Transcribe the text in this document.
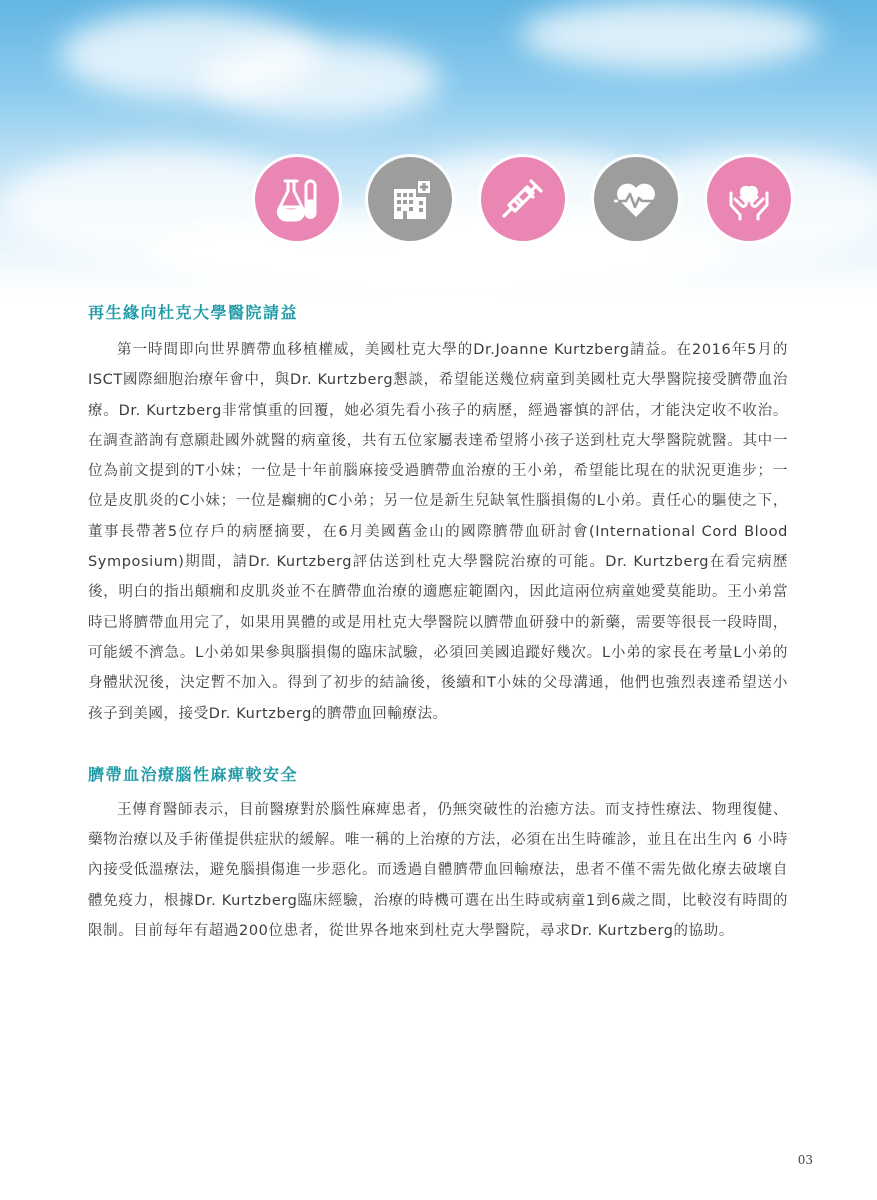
再生緣向杜克大學醫院請益

第一時間即向世界臍帶血移植權威，美國杜克大學的Dr.Joanne Kurtzberg請益。在2016年5月的ISCT國際細胞治療年會中，與Dr. Kurtzberg懇談，希望能送幾位病童到美國杜克大學醫院接受臍帶血治療。Dr. Kurtzberg非常慎重的回覆，她必須先看小孩子的病歷，經過審慎的評估，才能決定收不收治。在調查諮詢有意願赴國外就醫的病童後，共有五位家屬表達希望將小孩子送到杜克大學醫院就醫。其中一位為前文提到的T小妹；一位是十年前腦麻接受過臍帶血治療的王小弟，希望能比現在的狀況更進步；一位是皮肌炎的C小妹；一位是癲癇的C小弟；另一位是新生兒缺氧性腦損傷的L小弟。責任心的驅使之下，董事長帶著5位存戶的病歷摘要，在6月美國舊金山的國際臍帶血研討會(International Cord Blood Symposium)期間，請Dr. Kurtzberg評估送到杜克大學醫院治療的可能。Dr. Kurtzberg在看完病歷後，明白的指出顛癇和皮肌炎並不在臍帶血治療的適應症範圍內，因此這兩位病童她愛莫能助。王小弟當時已將臍帶血用完了，如果用異體的或是用杜克大學醫院以臍帶血研發中的新藥，需要等很長一段時間，可能緩不濟急。L小弟如果參與腦損傷的臨床試驗，必須回美國追蹤好幾次。L小弟的家長在考量L小弟的身體狀況後，決定暫不加入。得到了初步的結論後，後續和T小妹的父母溝通，他們也強烈表達希望送小孩子到美國，接受Dr. Kurtzberg的臍帶血回輸療法。

臍帶血治療腦性麻痺較安全

王傳育醫師表示，目前醫療對於腦性麻痺患者，仍無突破性的治癒方法。而支持性療法、物理復健、藥物治療以及手術僅提供症狀的緩解。唯一稱的上治療的方法，必須在出生時確診，並且在出生內 6 小時內接受低溫療法，避免腦損傷進一步惡化。而透過自體臍帶血回輸療法，患者不僅不需先做化療去破壞自體免疫力，根據Dr. Kurtzberg臨床經驗，治療的時機可選在出生時或病童1到6歲之間，比較沒有時間的限制。目前每年有超過200位患者，從世界各地來到杜克大學醫院，尋求Dr. Kurtzberg的協助。

03
